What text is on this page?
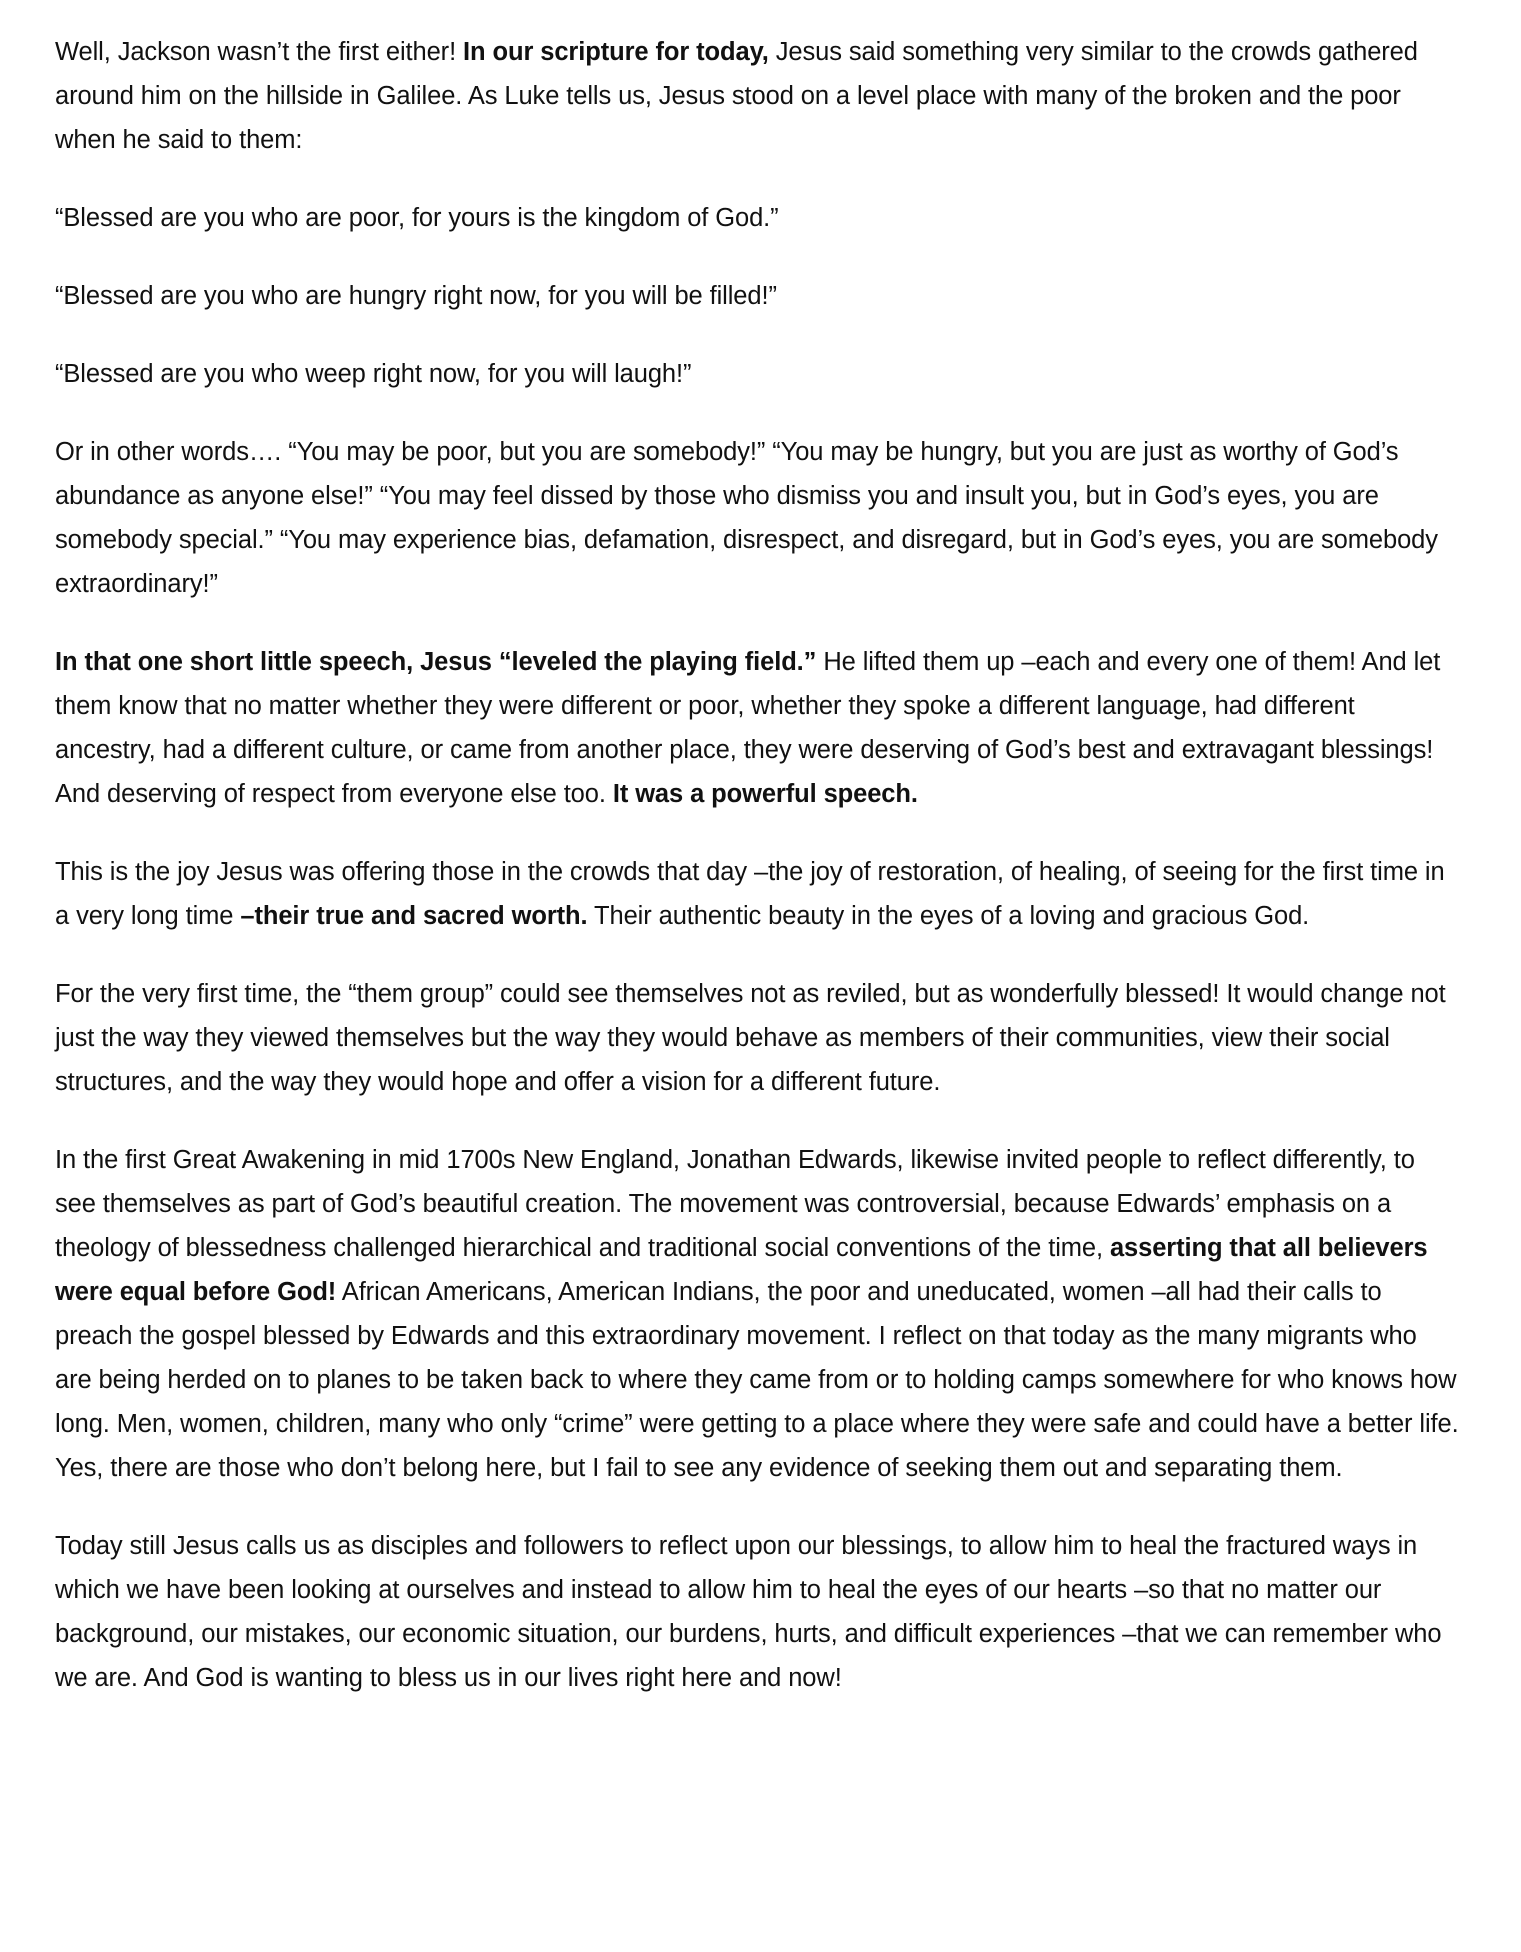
Well, Jackson wasn’t the first either! In our scripture for today, Jesus said something very similar to the crowds gathered around him on the hillside in Galilee. As Luke tells us, Jesus stood on a level place with many of the broken and the poor when he said to them:

“Blessed are you who are poor, for yours is the kingdom of God.”

“Blessed are you who are hungry right now, for you will be filled!”

“Blessed are you who weep right now, for you will laugh!”

Or in other words…. “You may be poor, but you are somebody!” “You may be hungry, but you are just as worthy of God’s abundance as anyone else!” “You may feel dissed by those who dismiss you and insult you, but in God’s eyes, you are somebody special.” “You may experience bias, defamation, disrespect, and disregard, but in God’s eyes, you are somebody extraordinary!”

In that one short little speech, Jesus “leveled the playing field.” He lifted them up –each and every one of them! And let them know that no matter whether they were different or poor, whether they spoke a different language, had different ancestry, had a different culture, or came from another place, they were deserving of God’s best and extravagant blessings! And deserving of respect from everyone else too. It was a powerful speech.

This is the joy Jesus was offering those in the crowds that day –the joy of restoration, of healing, of seeing for the first time in a very long time –their true and sacred worth. Their authentic beauty in the eyes of a loving and gracious God.

For the very first time, the “them group” could see themselves not as reviled, but as wonderfully blessed! It would change not just the way they viewed themselves but the way they would behave as members of their communities, view their social structures, and the way they would hope and offer a vision for a different future.

In the first Great Awakening in mid 1700s New England, Jonathan Edwards, likewise invited people to reflect differently, to see themselves as part of God’s beautiful creation. The movement was controversial, because Edwards’ emphasis on a theology of blessedness challenged hierarchical and traditional social conventions of the time, asserting that all believers were equal before God! African Americans, American Indians, the poor and uneducated, women –all had their calls to preach the gospel blessed by Edwards and this extraordinary movement. I reflect on that today as the many migrants who are being herded on to planes to be taken back to where they came from or to holding camps somewhere for who knows how long. Men, women, children, many who only “crime” were getting to a place where they were safe and could have a better life. Yes, there are those who don’t belong here, but I fail to see any evidence of seeking them out and separating them.

Today still Jesus calls us as disciples and followers to reflect upon our blessings, to allow him to heal the fractured ways in which we have been looking at ourselves and instead to allow him to heal the eyes of our hearts –so that no matter our background, our mistakes, our economic situation, our burdens, hurts, and difficult experiences –that we can remember who we are. And God is wanting to bless us in our lives right here and now!
